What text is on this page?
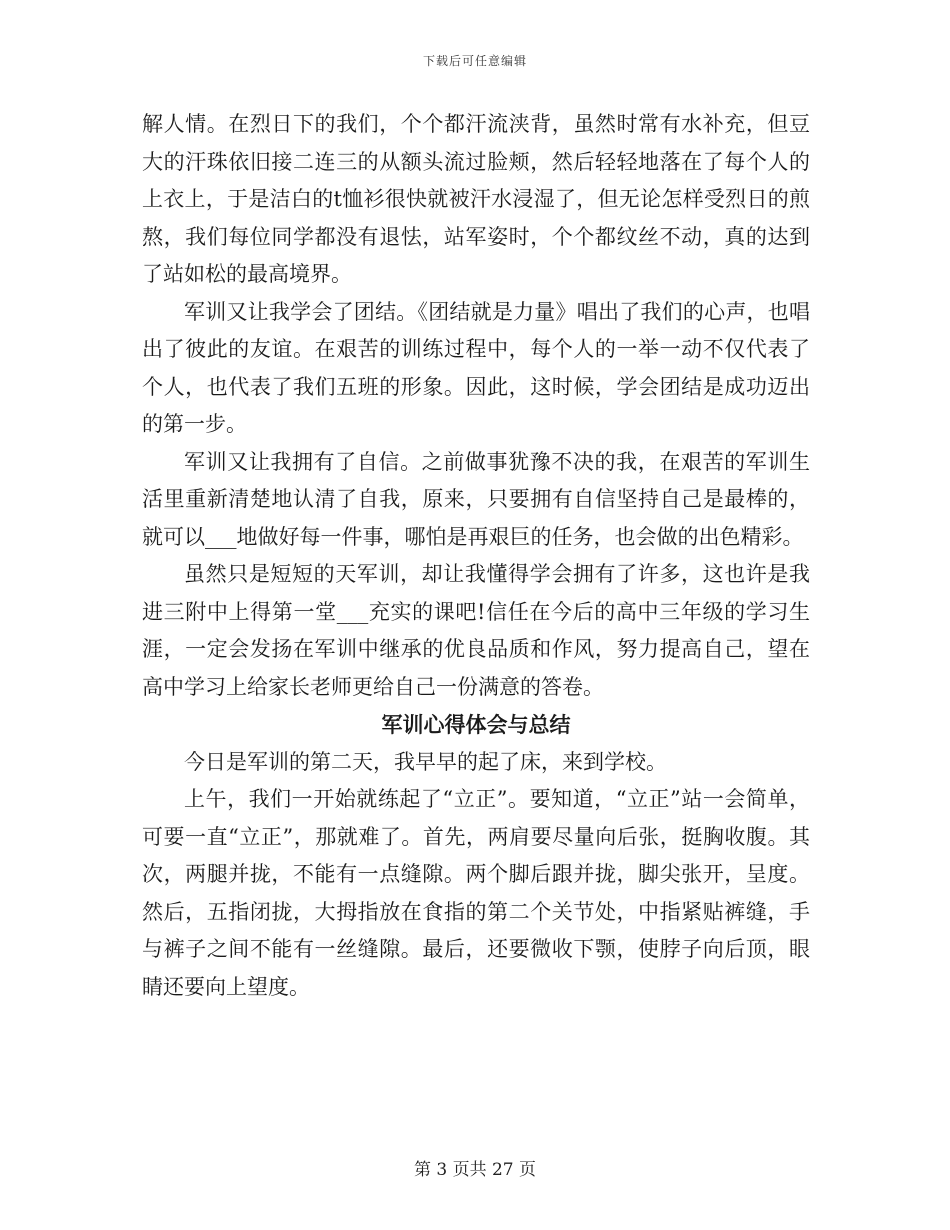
下载后可任意编辑

解人情。在烈日下的我们，个个都汗流浃背，虽然时常有水补充，但豆大的汗珠依旧接二连三的从额头流过脸颊，然后轻轻地落在了每个人的上衣上，于是洁白的t恤衫很快就被汗水浸湿了，但无论怎样受烈日的煎熬，我们每位同学都没有退怯，站军姿时，个个都纹丝不动，真的达到了站如松的最高境界。

军训又让我学会了团结。《团结就是力量》唱出了我们的心声，也唱出了彼此的友谊。在艰苦的训练过程中，每个人的一举一动不仅代表了个人，也代表了我们五班的形象。因此，这时候，学会团结是成功迈出的第一步。

军训又让我拥有了自信。之前做事犹豫不决的我，在艰苦的军训生活里重新清楚地认清了自我，原来，只要拥有自信坚持自己是最棒的，就可以___地做好每一件事，哪怕是再艰巨的任务，也会做的出色精彩。

虽然只是短短的天军训，却让我懂得学会拥有了许多，这也许是我进三附中上得第一堂___充实的课吧!信任在今后的高中三年级的学习生涯，一定会发扬在军训中继承的优良品质和作风，努力提高自己，望在高中学习上给家长老师更给自己一份满意的答卷。

军训心得体会与总结

今日是军训的第二天，我早早的起了床，来到学校。

上午，我们一开始就练起了“立正”。要知道，“立正”站一会简单，可要一直“立正”，那就难了。首先，两肩要尽量向后张，挺胸收腹。其次，两腿并拢，不能有一点缝隙。两个脚后跟并拢，脚尖张开，呈度。然后，五指闭拢，大拇指放在食指的第二个关节处，中指紧贴裤缝，手与裤子之间不能有一丝缝隙。最后，还要微收下颚，使脖子向后顶，眼睛还要向上望度。

第 3 页共 27 页
